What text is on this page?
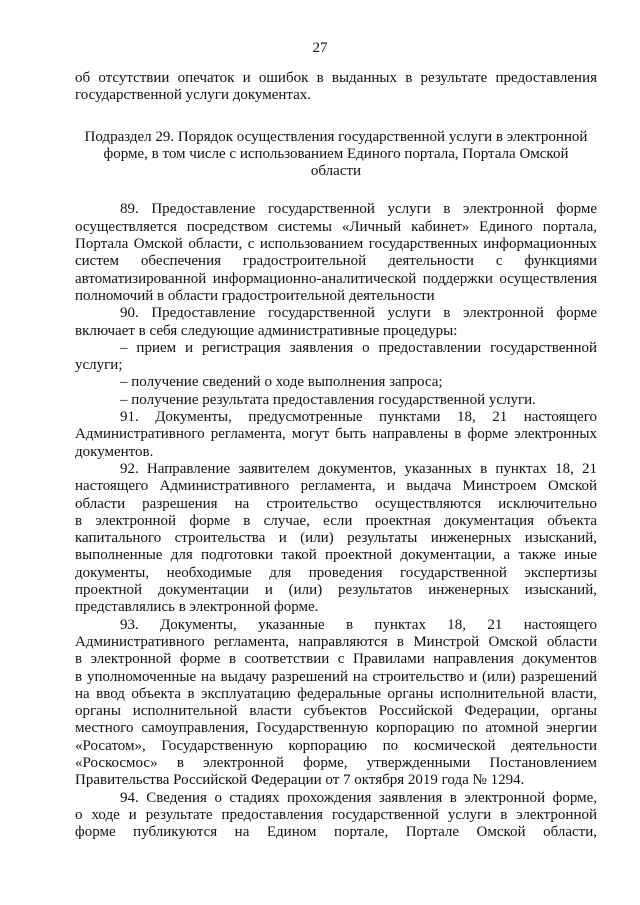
27
об отсутствии опечаток и ошибок в выданных в результате предоставления
государственной услуги документах.
Подраздел 29. Порядок осуществления государственной услуги в электронной
форме, в том числе с использованием Единого портала, Портала Омской
области
89. Предоставление государственной услуги в электронной форме
осуществляется посредством системы «Личный кабинет» Единого портала,
Портала Омской области, с использованием государственных информационных
систем обеспечения градостроительной деятельности с функциями
автоматизированной информационно-аналитической поддержки осуществления
полномочий в области градостроительной деятельности
90. Предоставление государственной услуги в электронной форме
включает в себя следующие административные процедуры:
– прием и регистрация заявления о предоставлении государственной
услуги;
– получение сведений о ходе выполнения запроса;
– получение результата предоставления государственной услуги.
91. Документы, предусмотренные пунктами 18, 21 настоящего
Административного регламента, могут быть направлены в форме электронных
документов.
92. Направление заявителем документов, указанных в пунктах 18, 21
настоящего Административного регламента, и выдача Минстроем Омской
области разрешения на строительство осуществляются исключительно
в электронной форме в случае, если проектная документация объекта
капитального строительства и (или) результаты инженерных изысканий,
выполненные для подготовки такой проектной документации, а также иные
документы, необходимые для проведения государственной экспертизы
проектной документации и (или) результатов инженерных изысканий,
представлялись в электронной форме.
93. Документы, указанные в пунктах 18, 21 настоящего
Административного регламента, направляются в Минстрой Омской области
в электронной форме в соответствии с Правилами направления документов
в уполномоченные на выдачу разрешений на строительство и (или) разрешений
на ввод объекта в эксплуатацию федеральные органы исполнительной власти,
органы исполнительной власти субъектов Российской Федерации, органы
местного самоуправления, Государственную корпорацию по атомной энергии
«Росатом», Государственную корпорацию по космической деятельности
«Роскосмос» в электронной форме, утвержденными Постановлением
Правительства Российской Федерации от 7 октября 2019 года № 1294.
94. Сведения о стадиях прохождения заявления в электронной форме,
о ходе и результате предоставления государственной услуги в электронной
форме публикуются на Едином портале, Портале Омской области,
